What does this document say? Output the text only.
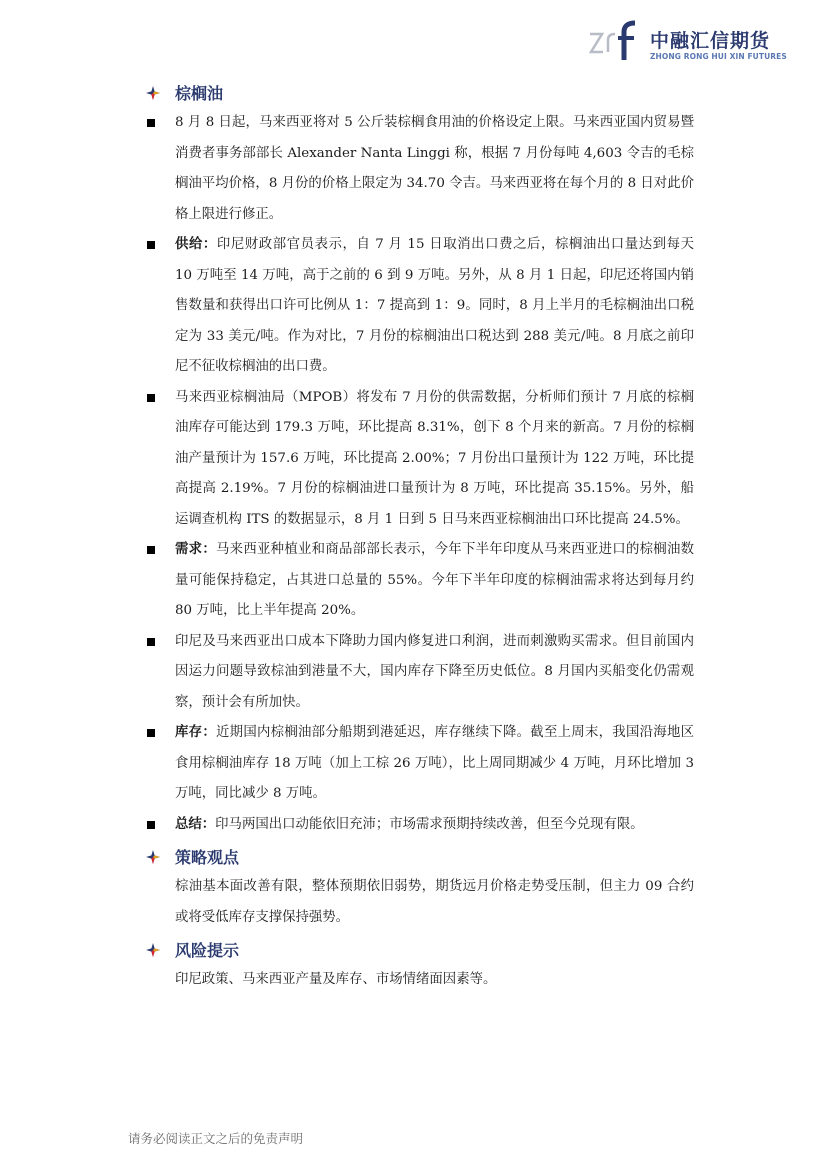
中融汇信期货
ZHONG RONG HUI XIN FUTURES
棕榈油
8 月 8 日起，马来西亚将对 5 公斤装棕榈食用油的价格设定上限。马来西亚国内贸易暨消费者事务部部长 Alexander Nanta Linggi 称，根据 7 月份每吨 4,603 令吉的毛棕榈油平均价格，8 月份的价格上限定为 34.70 令吉。马来西亚将在每个月的 8 日对此价格上限进行修正。
供给：印尼财政部官员表示，自 7 月 15 日取消出口费之后，棕榈油出口量达到每天 10 万吨至 14 万吨，高于之前的 6 到 9 万吨。另外，从 8 月 1 日起，印尼还将国内销售数量和获得出口许可比例从 1：7 提高到 1：9。同时，8 月上半月的毛棕榈油出口税定为 33 美元/吨。作为对比，7 月份的棕榈油出口税达到 288 美元/吨。8 月底之前印尼不征收棕榈油的出口费。
马来西亚棕榈油局（MPOB）将发布 7 月份的供需数据，分析师们预计 7 月底的棕榈油库存可能达到 179.3 万吨，环比提高 8.31%，创下 8 个月来的新高。7 月份的棕榈油产量预计为 157.6 万吨，环比提高 2.00%；7 月份出口量预计为 122 万吨，环比提高提高 2.19%。7 月份的棕榈油进口量预计为 8 万吨，环比提高 35.15%。另外，船运调查机构 ITS 的数据显示，8 月 1 日到 5 日马来西亚棕榈油出口环比提高 24.5%。
需求：马来西亚种植业和商品部部长表示，今年下半年印度从马来西亚进口的棕榈油数量可能保持稳定，占其进口总量的 55%。今年下半年印度的棕榈油需求将达到每月约 80 万吨，比上半年提高 20%。
印尼及马来西亚出口成本下降助力国内修复进口利润，进而刺激购买需求。但目前国内因运力问题导致棕油到港量不大，国内库存下降至历史低位。8 月国内买船变化仍需观察，预计会有所加快。
库存：近期国内棕榈油部分船期到港延迟，库存继续下降。截至上周末，我国沿海地区食用棕榈油库存 18 万吨（加上工棕 26 万吨），比上周同期减少 4 万吨，月环比增加 3 万吨，同比减少 8 万吨。
总结：印马两国出口动能依旧充沛；市场需求预期持续改善，但至今兑现有限。
策略观点
棕油基本面改善有限，整体预期依旧弱势，期货远月价格走势受压制，但主力 09 合约或将受低库存支撑保持强势。
风险提示
印尼政策、马来西亚产量及库存、市场情绪面因素等。
请务必阅读正文之后的免责声明
